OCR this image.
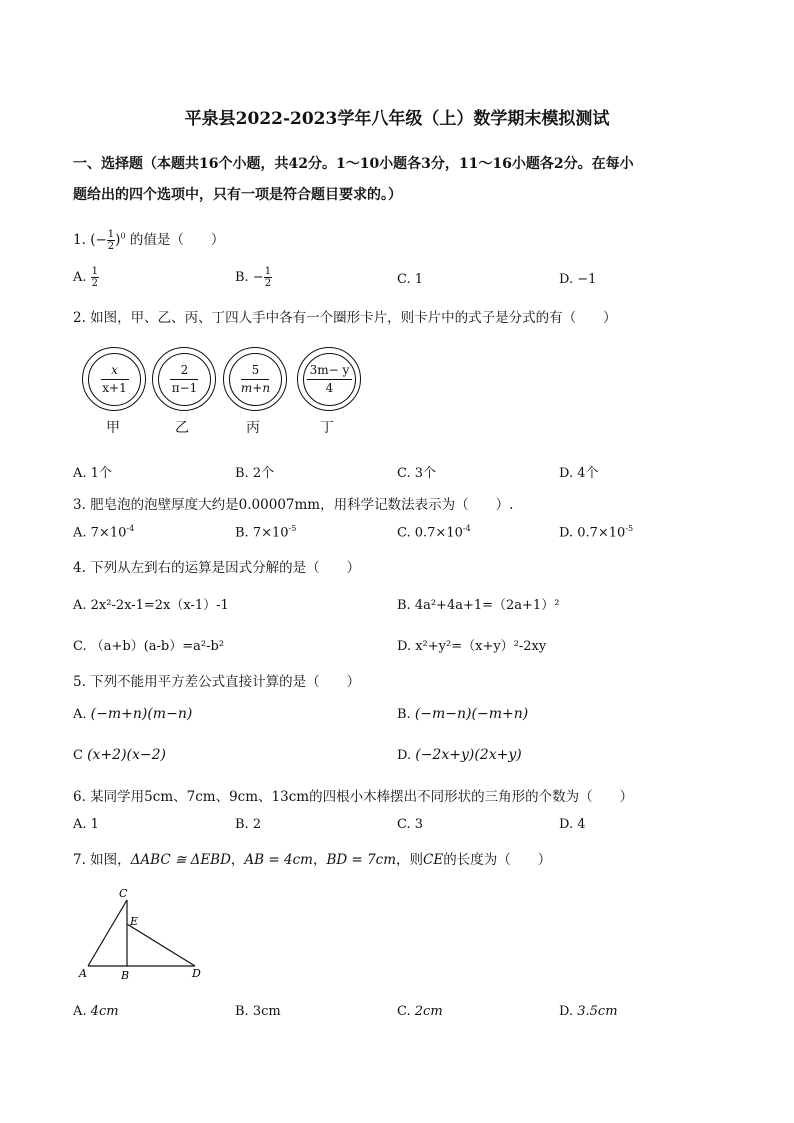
平泉县2022-2023学年八年级（上）数学期末模拟测试
一、选择题（本题共16个小题，共42分。1～10小题各3分，11～16小题各2分。在每小
题给出的四个选项中，只有一项是符合题目要求的。）
1. (− $\frac{1}{2} )^0$ 的值是（　　）
A. $\frac{1}{2}$	B. − $\frac{1}{2}$	C. 1	D. −1
2. 如图，甲、乙、丙、丁四人手中各有一个圈形卡片，则卡片中的式子是分式的有（　　）
$\frac{x}{x+1}$	$\frac{2}{\pi-1}$	$\frac{5}{m+n}$	$\frac{3m- y}{4}$
甲	乙	丙	丁
A. 1个	B. 2个	C. 3个	D. 4个
3. 肥皂泡的泡壁厚度大约是0.00007mm，用科学记数法表示为（　　）.
A. $7\times 10^{-4}$	B. $7\times 10^{-5}$	C. $0.7\times 10^{-4}$	D. $0.7\times 10^{-5}$
4. 下列从左到右的运算是因式分解的是（　　）
A. 2x²-2x-1=2x（x-1）-1	B. 4a²+4a+1=（2a+1）²
C. （a+b）(a-b）=a²-b²	D. x²+y²=（x+y）²-2xy
5. 下列不能用平方差公式直接计算的是（　　）
A. (−m+n)(m−n)	B. (−m−n)(−m+n)
C (x+2)(x−2)	D. (−2x+y)(2x+y)
6. 某同学用5cm、7cm、9cm、13cm的四根小木棒摆出不同形状的三角形的个数为（　　）
A. 1	B. 2	C. 3	D. 4
7. 如图，ΔABC ≅ ΔEBD，AB = 4cm，BD = 7cm，则CE的长度为（　　）
C
E
A	B	D
A. 4cm	B. 3cm	C. 2cm	D. 3.5cm
